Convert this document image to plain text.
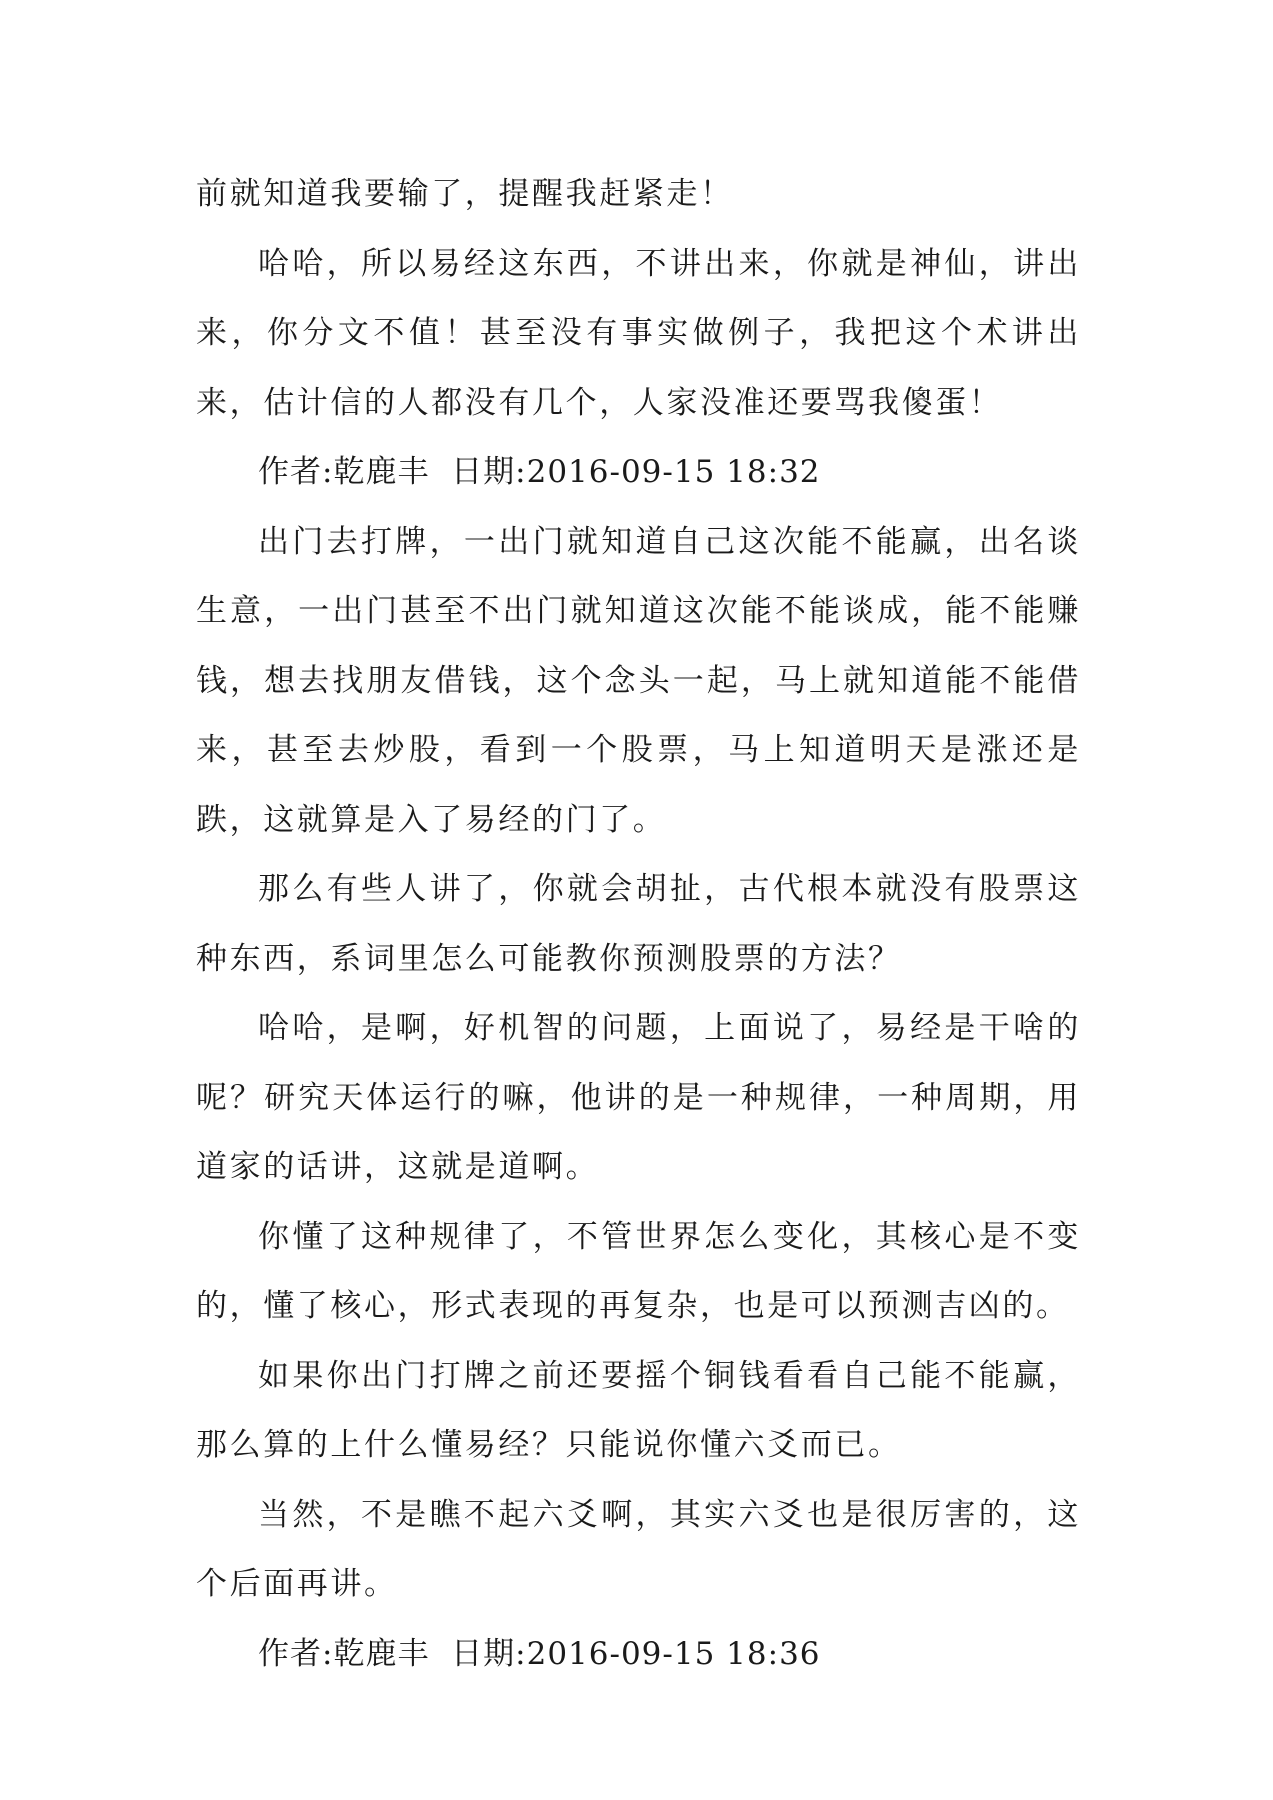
前就知道我要输了，提醒我赶紧走！

哈哈，所以易经这东西，不讲出来，你就是神仙，讲出来，你分文不值！甚至没有事实做例子，我把这个术讲出来，估计信的人都没有几个，人家没准还要骂我傻蛋！

作者:乾鹿丰  日期:2016-09-15 18:32

出门去打牌，一出门就知道自己这次能不能赢，出名谈生意，一出门甚至不出门就知道这次能不能谈成，能不能赚钱，想去找朋友借钱，这个念头一起，马上就知道能不能借来，甚至去炒股，看到一个股票，马上知道明天是涨还是跌，这就算是入了易经的门了。

那么有些人讲了，你就会胡扯，古代根本就没有股票这种东西，系词里怎么可能教你预测股票的方法？

哈哈，是啊，好机智的问题，上面说了，易经是干啥的呢？研究天体运行的嘛，他讲的是一种规律，一种周期，用道家的话讲，这就是道啊。

你懂了这种规律了，不管世界怎么变化，其核心是不变的，懂了核心，形式表现的再复杂，也是可以预测吉凶的。

如果你出门打牌之前还要摇个铜钱看看自己能不能赢，那么算的上什么懂易经？只能说你懂六爻而已。

当然，不是瞧不起六爻啊，其实六爻也是很厉害的，这个后面再讲。

作者:乾鹿丰  日期:2016-09-15 18:36
